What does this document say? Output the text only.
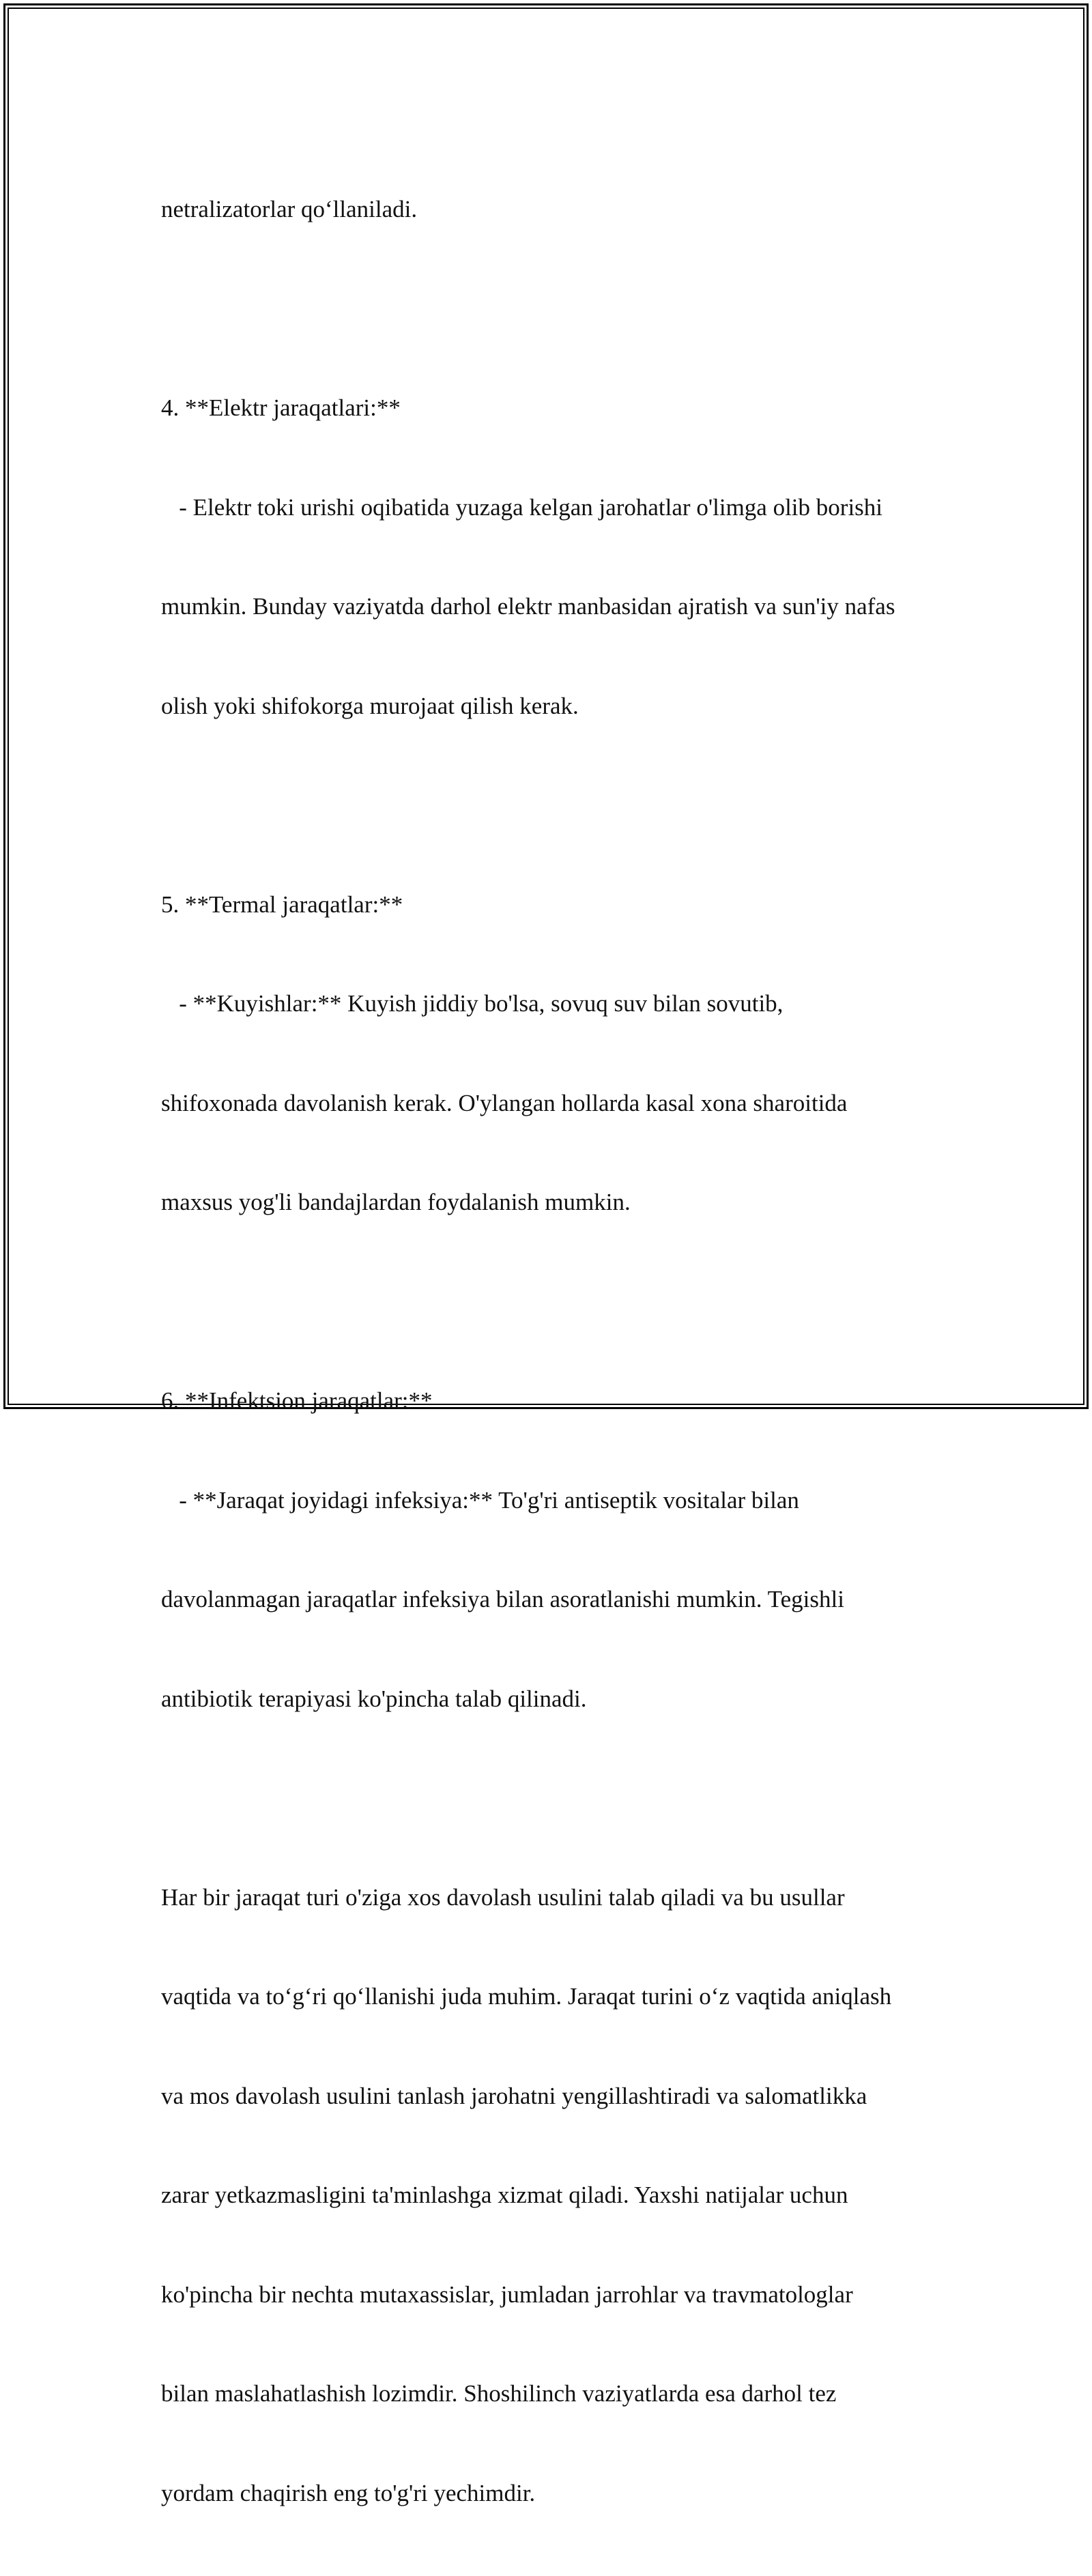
netralizatorlar qo‘llaniladi.

4. **Elektr jaraqatlari:**

- Elektr toki urishi oqibatida yuzaga kelgan jarohatlar o'limga olib borishi

mumkin. Bunday vaziyatda darhol elektr manbasidan ajratish va sun'iy nafas

olish yoki shifokorga murojaat qilish kerak.

5. **Termal jaraqatlar:**

- **Kuyishlar:** Kuyish jiddiy bo'lsa, sovuq suv bilan sovutib,

shifoxonada davolanish kerak. O'ylangan hollarda kasal xona sharoitida

maxsus yog'li bandajlardan foydalanish mumkin.

6. **Infektsion jaraqatlar:**

- **Jaraqat joyidagi infeksiya:** To'g'ri antiseptik vositalar bilan

davolanmagan jaraqatlar infeksiya bilan asoratlanishi mumkin. Tegishli

antibiotik terapiyasi ko'pincha talab qilinadi.

Har bir jaraqat turi o'ziga xos davolash usulini talab qiladi va bu usullar

vaqtida va to‘g‘ri qo‘llanishi juda muhim. Jaraqat turini o‘z vaqtida aniqlash

va mos davolash usulini tanlash jarohatni yengillashtiradi va salomatlikka

zarar yetkazmasligini ta'minlashga xizmat qiladi. Yaxshi natijalar uchun

ko'pincha bir nechta mutaxassislar, jumladan jarrohlar va travmatologlar

bilan maslahatlashish lozimdir. Shoshilinch vaziyatlarda esa darhol tez

yordam chaqirish eng to'g'ri yechimdir.
